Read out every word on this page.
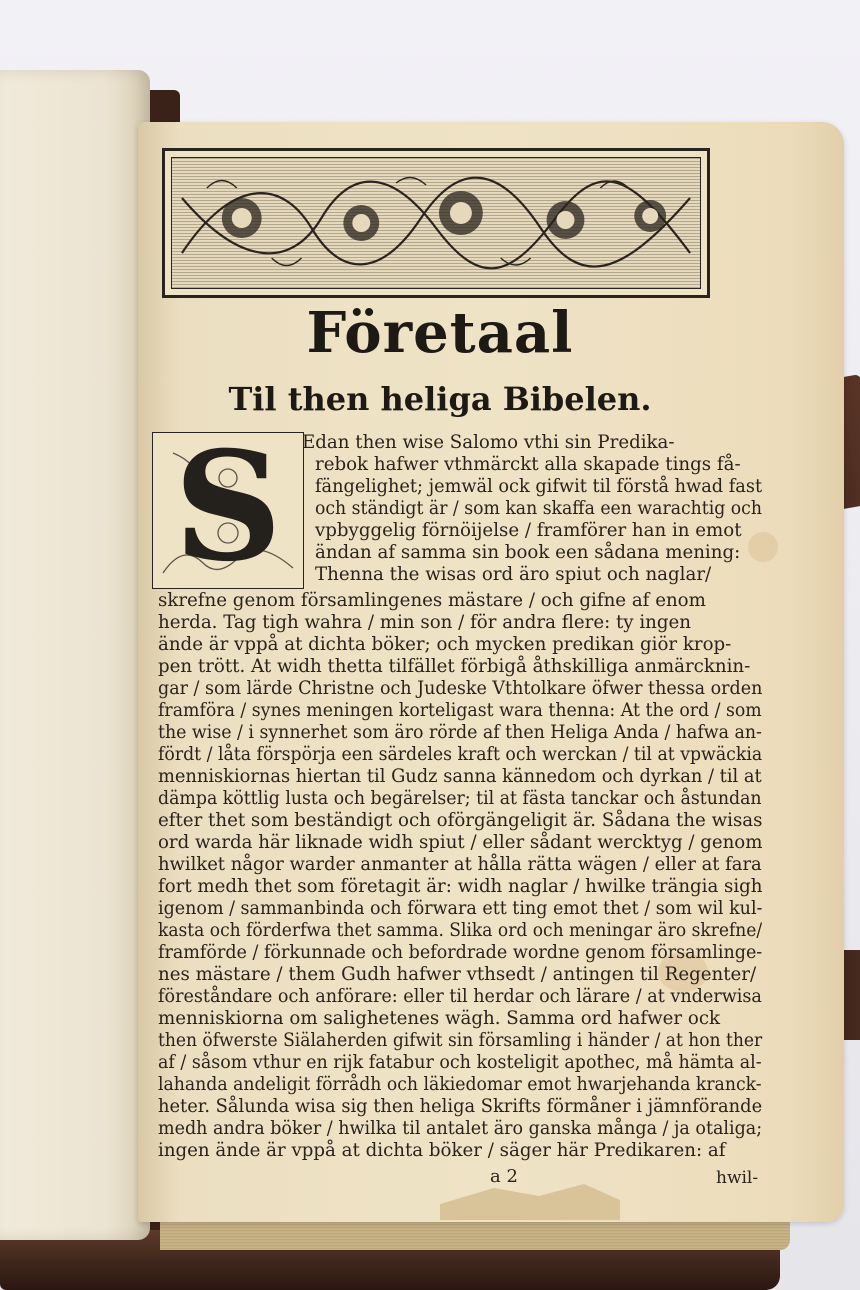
Företaal
Til then heliga Bibelen.
S	Edan then wise Salomo vthi sin Predika-
rebok hafwer vthmärckt alla skapade tings få-
fängelighet; jemwäl ock gifwit til förstå hwad fast
och ständigt är / som kan skaffa een warachtig och
vpbyggelig förnöijelse / framförer han in emot
ändan af samma sin book een sådana mening:
Thenna the wisas ord äro spiut och naglar/
skrefne genom församlingenes mästare / och gifne af enom
herda. Tag tigh wahra / min son / för andra flere: ty ingen
ände är vppå at dichta böker; och mycken predikan giör krop-
pen trött. At widh thetta tilfället förbigå åthskilliga anmärcknin-
gar / som lärde Christne och Judeske Vthtolkare öfwer thessa orden
framföra / synes meningen korteligast wara thenna: At the ord / som
the wise / i synnerhet som äro rörde af then Heliga Anda / hafwa an-
fördt / låta förspörja een särdeles kraft och werckan / til at vpwäckia
menniskiornas hiertan til Gudz sanna kännedom och dyrkan / til at
dämpa köttlig lusta och begärelser; til at fästa tanckar och åstundan
efter thet som beständigt och oförgängeligit är. Sådana the wisas
ord warda här liknade widh spiut / eller sådant wercktyg / genom
hwilket någor warder anmanter at hålla rätta wägen / eller at fara
fort medh thet som företagit är: widh naglar / hwilke trängia sigh
igenom / sammanbinda och förwara ett ting emot thet / som wil kul-
kasta och förderfwa thet samma. Slika ord och meningar äro skrefne/
framförde / förkunnade och befordrade wordne genom församlinge-
nes mästare / them Gudh hafwer vthsedt / antingen til Regenter/
föreståndare och anförare: eller til herdar och lärare / at vnderwisa
menniskiorna om salighetenes wägh. Samma ord hafwer ock
then öfwerste Siälaherden gifwit sin församling i händer / at hon ther
af / såsom vthur en rijk fatabur och kosteligit apothec, må hämta al-
lahanda andeligit förrådh och läkiedomar emot hwarjehanda kranck-
heter. Sålunda wisa sig then heliga Skrifts förmåner i jämnförande
medh andra böker / hwilka til antalet äro ganska många / ja otaliga;
ingen ände är vppå at dichta böker / säger här Predikaren: af
a 2	hwil-
